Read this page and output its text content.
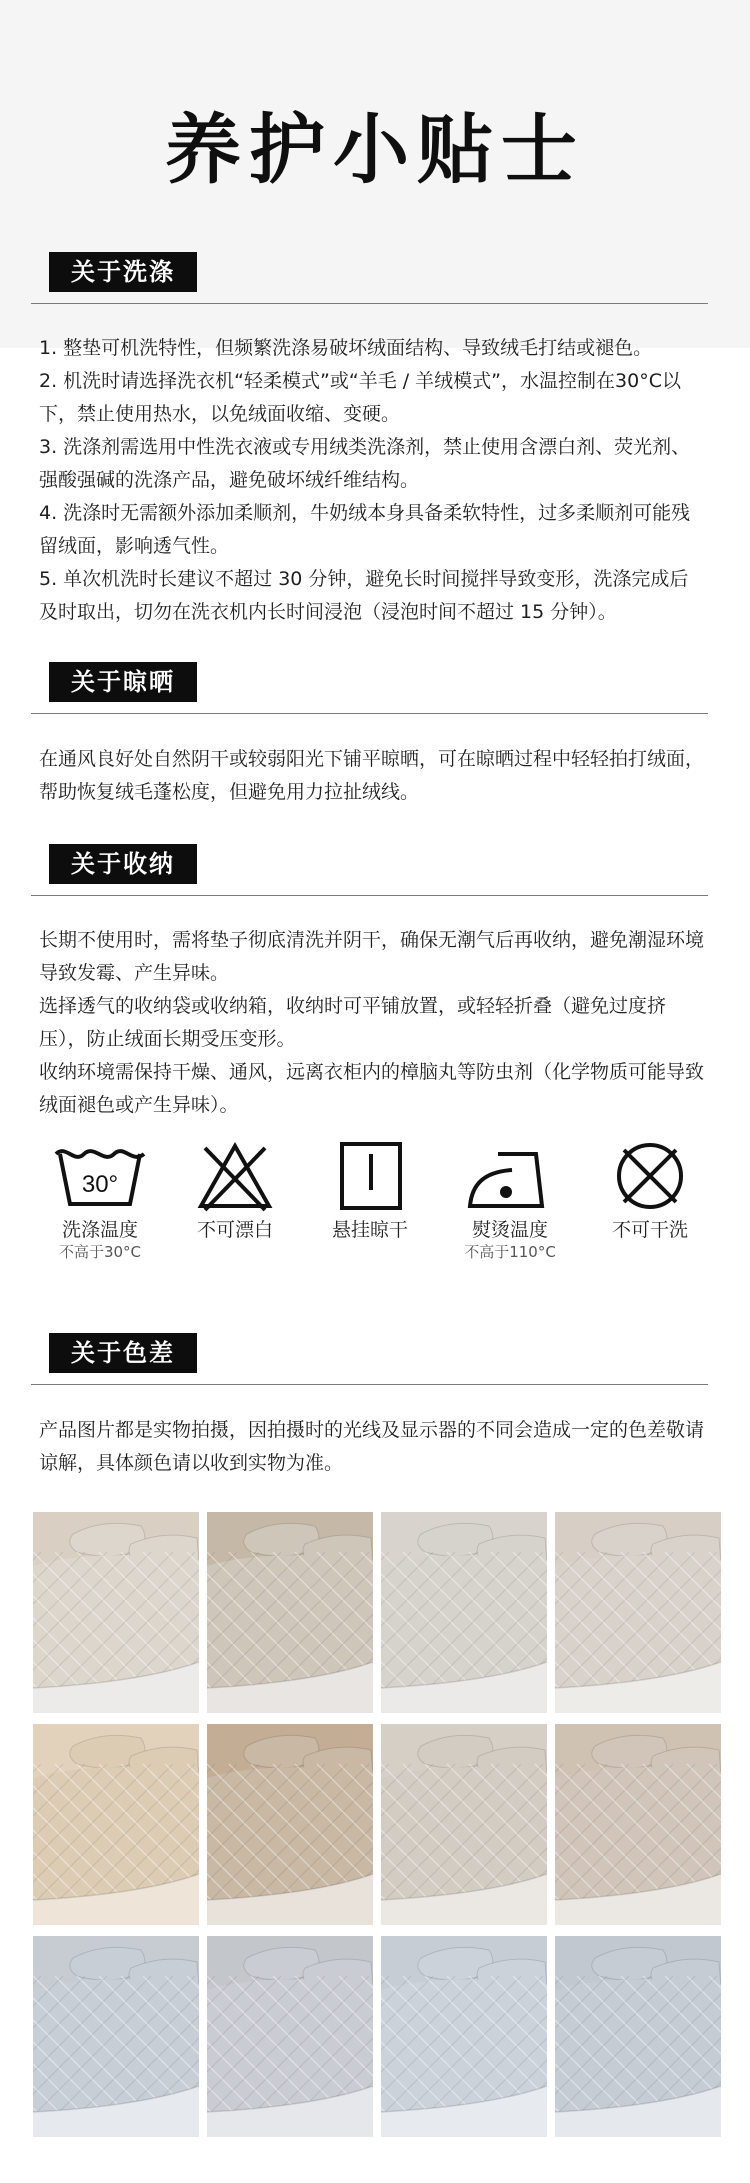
养护小贴士
关于洗涤

1. 整垫可机洗特性，但频繁洗涤易破坏绒面结构、导致绒毛打结或褪色。

2. 机洗时请选择洗衣机“轻柔模式”或“羊毛 / 羊绒模式”，水温控制在30°C以下，禁止使用热水，以免绒面收缩、变硬。

3. 洗涤剂需选用中性洗衣液或专用绒类洗涤剂，禁止使用含漂白剂、荧光剂、强酸强碱的洗涤产品，避免破坏绒纤维结构。

4. 洗涤时无需额外添加柔顺剂，牛奶绒本身具备柔软特性，过多柔顺剂可能残留绒面，影响透气性。

5. 单次机洗时长建议不超过 30 分钟，避免长时间搅拌导致变形，洗涤完成后及时取出，切勿在洗衣机内长时间浸泡（浸泡时间不超过 15 分钟）。

关于晾晒

在通风良好处自然阴干或较弱阳光下铺平晾晒，可在晾晒过程中轻轻拍打绒面，帮助恢复绒毛蓬松度，但避免用力拉扯绒线。

关于收纳

长期不使用时，需将垫子彻底清洗并阴干，确保无潮气后再收纳，避免潮湿环境导致发霉、产生异味。

选择透气的收纳袋或收纳箱，收纳时可平铺放置，或轻轻折叠（避免过度挤压），防止绒面长期受压变形。

收纳环境需保持干燥、通风，远离衣柜内的樟脑丸等防虫剂（化学物质可能导致绒面褪色或产生异味）。

30°
洗涤温度
不高于30°C
不可漂白	悬挂晾干	熨烫温度
不高于110°C
不可干洗
关于色差

产品图片都是实物拍摄，因拍摄时的光线及显示器的不同会造成一定的色差敬请谅解，具体颜色请以收到实物为准。
